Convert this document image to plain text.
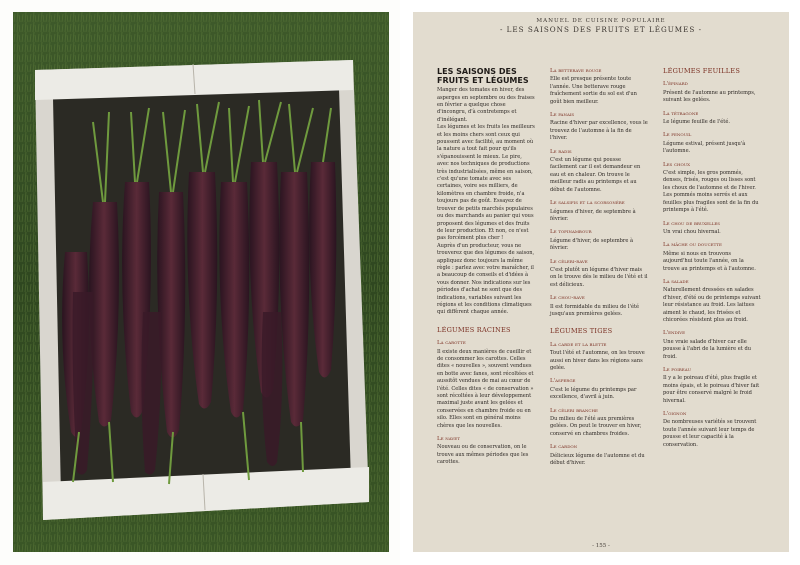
MANUEL DE CUISINE POPULAIRE
- LES SAISONS DES FRUITS ET LÉGUMES -
LES SAISONS DES FRUITS ET LÉGUMES

Manger des tomates en hiver, des asperges en septembre ou des fraises en février a quelque chose d'incongru, d'à contretemps et d'inélégant.

Les légumes et les fruits les meilleurs et les moins chers sont ceux qui poussent avec facilité, au moment où la nature a tout fait pour qu'ils s'épanouissent le mieux. Le pire, avec nos techniques de productions très industrialisées, même en saison, c'est qu'une tomate avec ses certaines, voire ses milliers, de kilomètres en chambre froide, n'a toujours pas de goût. Essayez de trouver de petits marchés populaires ou des marchands au panier qui vous proposent des légumes et des fruits de leur production. Et non, ce n'est pas forcément plus cher !

Auprès d'un producteur, vous ne trouverez que des légumes de saison, appliquez donc toujours la même règle : parlez avec votre maraîcher, il a beaucoup de conseils et d'idées à vous donner. Nos indications sur les périodes d'achat ne sont que des indications, variables suivant les régions et les conditions climatiques qui diffèrent chaque année.

LÉGUMES RACINES
La carotte

Il existe deux manières de cueillir et de consommer les carottes. Celles dites « nouvelles », souvent vendues en botte avec fanes, sont récoltées et aussitôt vendues de mai au cœur de l'été. Celles dites « de conservation » sont récoltées à leur développement maximal juste avant les gelées et conservées en chambre froide ou en silo. Elles sont en général moins chères que les nouvelles.

Le navet

Nouveau ou de conservation, on le trouve aux mêmes périodes que les carottes.

La betterave rouge

Elle est presque présente toute l'année. Une betterave rouge fraîchement sortie du sol est d'un goût bien meilleur.

Le panais

Racine d'hiver par excellence, vous le trouvez de l'automne à la fin de l'hiver.

Le radis

C'est un légume qui pousse facilement car il est demandeur en eau et en chaleur. On trouve le meilleur radis au printemps et au début de l'automne.

Le salsifis et la scorsonère

Légumes d'hiver, de septembre à février.

Le topinambour

Légume d'hiver, de septembre à février.

Le céleri-rave

C'est plutôt un légume d'hiver mais on le trouve dès le milieu de l'été et il est délicieux.

Le chou-rave

Il est formidable du milieu de l'été jusqu'aux premières gelées.

LÉGUMES TIGES
La carde et la blette

Tout l'été et l'automne, on les trouve aussi en hiver dans les régions sans gelée.

L'asperge

C'est le légume du printemps par excellence, d'avril à juin.

Le céleri branche

Du milieu de l'été aux premières gelées. On peut le trouver en hiver, conservé en chambres froides.

Le cardon

Délicieux légume de l'automne et du début d'hiver.

LÉGUMES FEUILLES
L'épinard

Présent de l'automne au printemps, suivant les gelées.

La tétragone

Le légume feuille de l'été.

Le fenouil

Légume estival, présent jusqu'à l'automne.

Les choux

C'est simple, les gros pommés, denses, frisés, rouges ou lisses sont les choux de l'automne et de l'hiver. Les pommés moins serrés et aux feuilles plus fragiles sont de la fin du printemps à l'été.

Le chou de bruxelles

Un vrai chou hivernal.

La mâche ou doucette

Même si nous en trouvons aujourd'hui toute l'année, on la trouve au printemps et à l'automne.

La salade

Naturellement dressées en salades d'hiver, d'été ou de printemps suivant leur résistance au froid. Les laitues aiment le chaud, les frisées et chicorées résistent plus au froid.

L'endive

Une vraie salade d'hiver car elle pousse à l'abri de la lumière et du froid.

Le poireau

Il y a le poireau d'été, plus fragile et moins épais, et le poireau d'hiver fait pour être conservé malgré le froid hivernal.

L'oignon

De nombreuses variétés se trouvent toute l'année suivant leur temps de pousse et leur capacité à la conservation.

- 155 -
